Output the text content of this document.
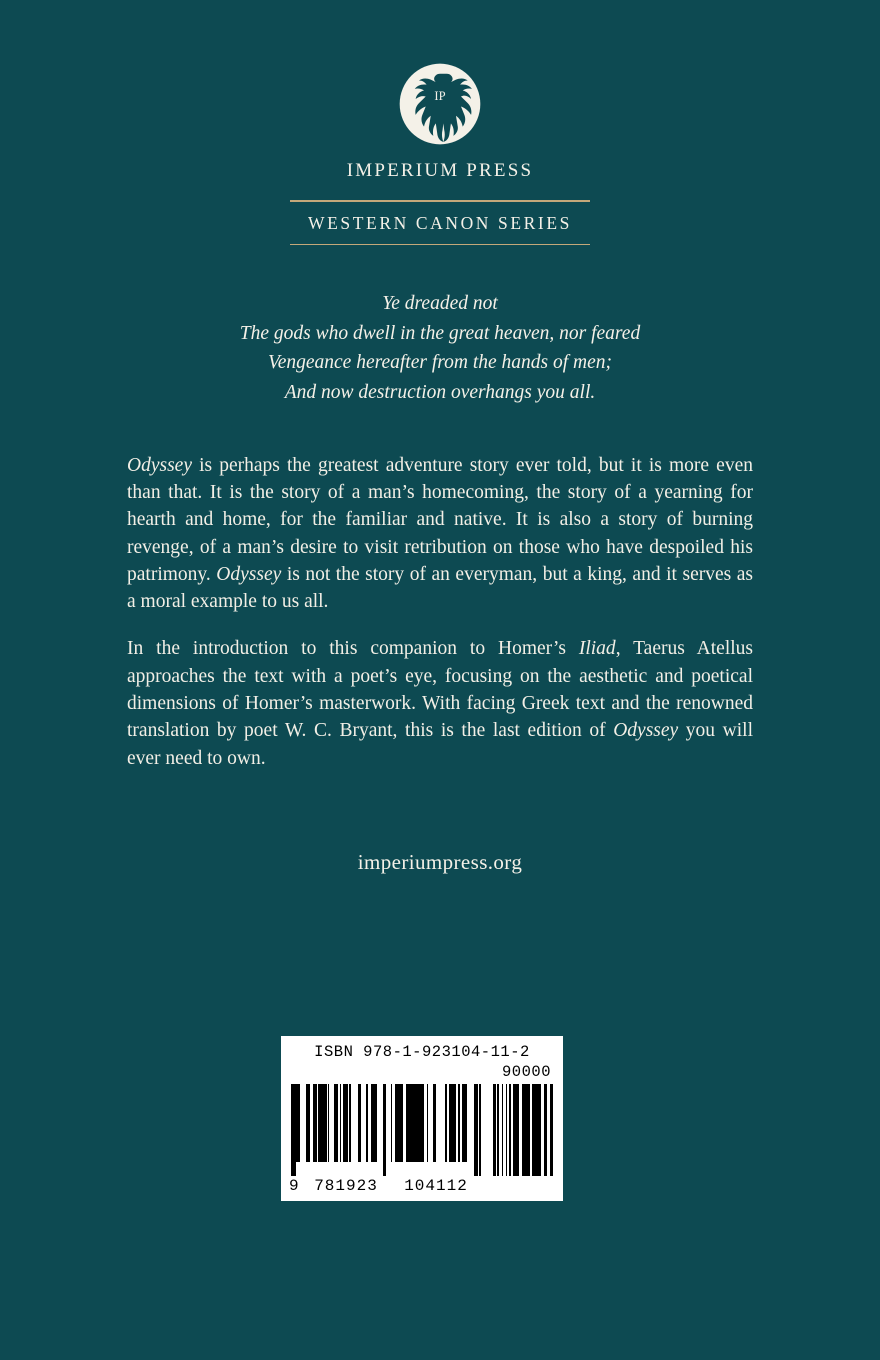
IP
IMPERIUM PRESS
WESTERN CANON SERIES
Ye dreaded not
The gods who dwell in the great heaven, nor feared
Vengeance hereafter from the hands of men;
And now destruction overhangs you all.

Odyssey is perhaps the greatest adventure story ever told, but it is more even than that. It is the story of a man’s homecoming, the story of a yearning for hearth and home, for the familiar and native. It is also a story of burning revenge, of a man’s desire to visit retribution on those who have despoiled his patrimony. Odyssey is not the story of an everyman, but a king, and it serves as a moral example to us all.

In the introduction to this companion to Homer’s Iliad, Taerus Atellus approaches the text with a poet’s eye, focusing on the aesthetic and poetical dimensions of Homer’s masterwork. With facing Greek text and the renowned translation by poet W. C. Bryant, this is the last edition of Odyssey you will ever need to own.

imperiumpress.org
ISBN 978-1-923104-11-2
90000
9 781923	104112
